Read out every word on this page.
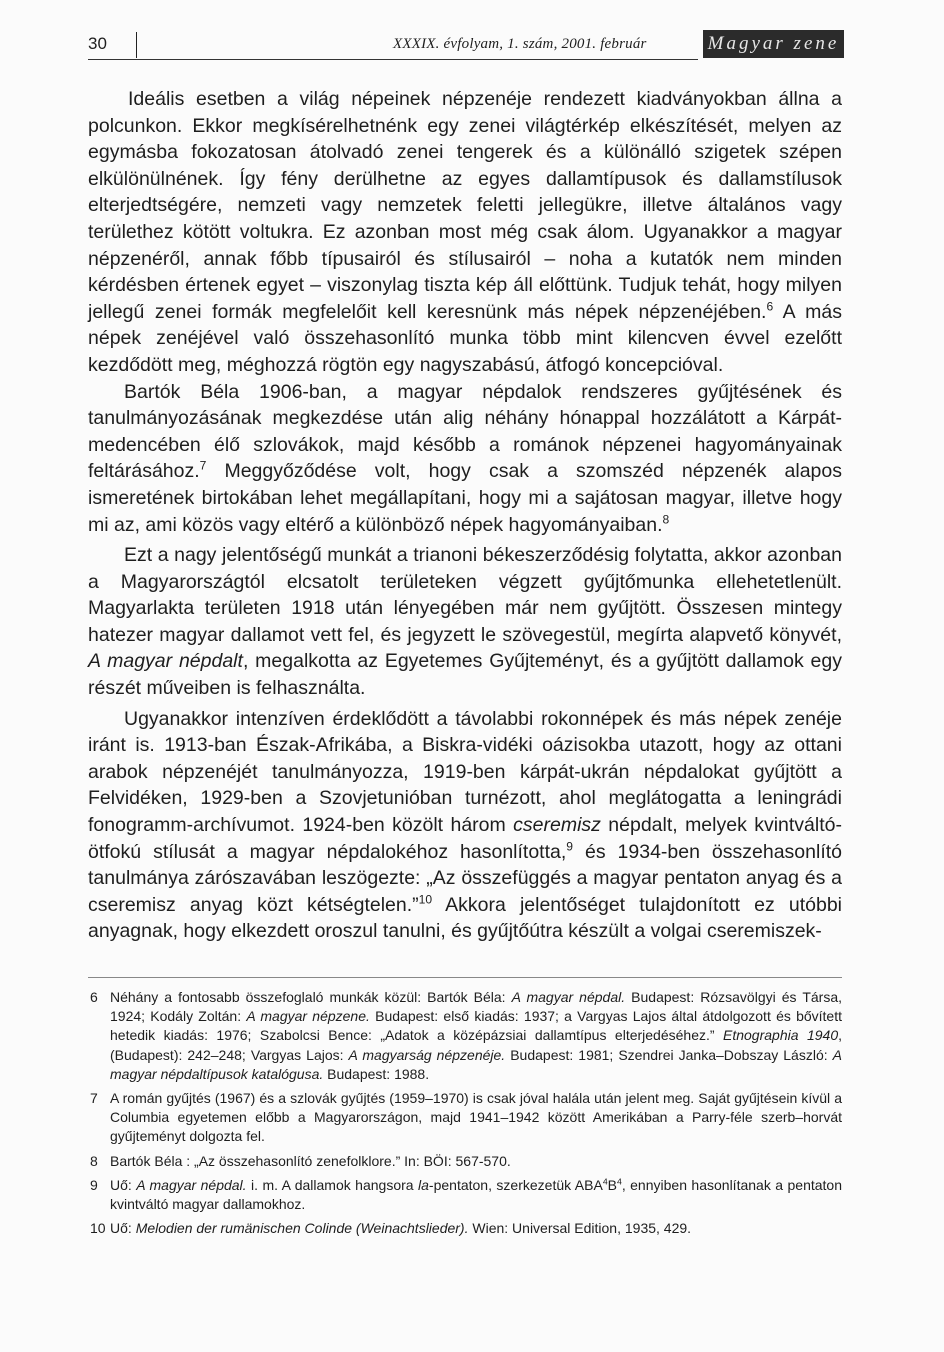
30	XXXIX. évfolyam, 1. szám, 2001. február	Magyar zene

Ideális esetben a világ népeinek népzenéje rendezett kiadványokban állna a polcunkon. Ekkor megkísérelhetnénk egy zenei világtérkép elkészítését, melyen az egymásba fokozatosan átolvadó zenei tengerek és a különálló szigetek szépen elkülönülnének. Így fény derülhetne az egyes dallamtípusok és dallamstílusok elterjedtségére, nemzeti vagy nemzetek feletti jellegükre, illetve általános vagy területhez kötött voltukra. Ez azonban most még csak álom. Ugyanakkor a magyar népzenéről, annak főbb típusairól és stílusairól – noha a kutatók nem minden kérdésben értenek egyet – viszonylag tiszta kép áll előttünk. Tudjuk tehát, hogy milyen jellegű zenei formák megfelelőit kell keresnünk más népek népzenéjében.$^6$ A más népek zenéjével való összehasonlító munka több mint kilencven évvel ezelőtt kezdődött meg, méghozzá rögtön egy nagyszabású, átfogó koncepcióval.

Bartók Béla 1906-ban, a magyar népdalok rendszeres gyűjtésének és tanulmányozásának megkezdése után alig néhány hónappal hozzálátott a Kárpát-medencében élő szlovákok, majd később a románok népzenei hagyományainak feltárásához.$^7$ Meggyőződése volt, hogy csak a szomszéd népzenék alapos ismeretének birtokában lehet megállapítani, hogy mi a sajátosan magyar, illetve hogy mi az, ami közös vagy eltérő a különböző népek hagyományaiban.$^8$

Ezt a nagy jelentőségű munkát a trianoni békeszerződésig folytatta, akkor azonban a Magyarországtól elcsatolt területeken végzett gyűjtőmunka ellehetetlenült. Magyarlakta területen 1918 után lényegében már nem gyűjtött. Összesen mintegy hatezer magyar dallamot vett fel, és jegyzett le szövegestül, megírta alapvető könyvét, A magyar népdalt, megalkotta az Egyetemes Gyűjteményt, és a gyűjtött dallamok egy részét műveiben is felhasználta.

Ugyanakkor intenzíven érdeklődött a távolabbi rokonnépek és más népek zenéje iránt is. 1913-ban Észak-Afrikába, a Biskra-vidéki oázisokba utazott, hogy az ottani arabok népzenéjét tanulmányozza, 1919-ben kárpát-ukrán népdalokat gyűjtött a Felvidéken, 1929-ben a Szovjetunióban turnézott, ahol meglátogatta a leningrádi fonogramm-archívumot. 1924-ben közölt három cseremisz népdalt, melyek kvintváltó-ötfokú stílusát a magyar népdalokéhoz hasonlította,$^9$ és 1934-ben összehasonlító tanulmánya zárószavában leszögezte: „Az összefüggés a magyar pentaton anyag és a cseremisz anyag közt kétségtelen.”$^{10}$ Akkora jelentőséget tulajdonított ez utóbbi anyagnak, hogy elkezdett oroszul tanulni, és gyűjtőútra készült a volgai cseremiszek-

6 Néhány a fontosabb összefoglaló munkák közül: Bartók Béla: A magyar népdal. Budapest: Rózsavölgyi és Társa, 1924; Kodály Zoltán: A magyar népzene. Budapest: első kiadás: 1937; a Vargyas Lajos által átdolgozott és bővített hetedik kiadás: 1976; Szabolcsi Bence: „Adatok a középázsiai dallamtípus elterjedéséhez.” Etnographia 1940, (Budapest): 242–248; Vargyas Lajos: A magyarság népzenéje. Budapest: 1981; Szendrei Janka–Dobszay László: A magyar népdaltípusok katalógusa. Budapest: 1988.
7 A román gyűjtés (1967) és a szlovák gyűjtés (1959–1970) is csak jóval halála után jelent meg. Saját gyűjtésein kívül a Columbia egyetemen előbb a Magyarországon, majd 1941–1942 között Amerikában a Parry-féle szerb–horvát gyűjteményt dolgozta fel.
8 Bartók Béla : „Az összehasonlító zenefolklore.” In: BÖI: 567-570.
9 Uő: A magyar népdal. i. m. A dallamok hangsora la-pentaton, szerkezetük $ABA^4B^4$, ennyiben hasonlítanak a pentaton kvintváltó magyar dallamokhoz.
10 Uő: Melodien der rumänischen Colinde (Weinachtslieder). Wien: Universal Edition, 1935, 429.
